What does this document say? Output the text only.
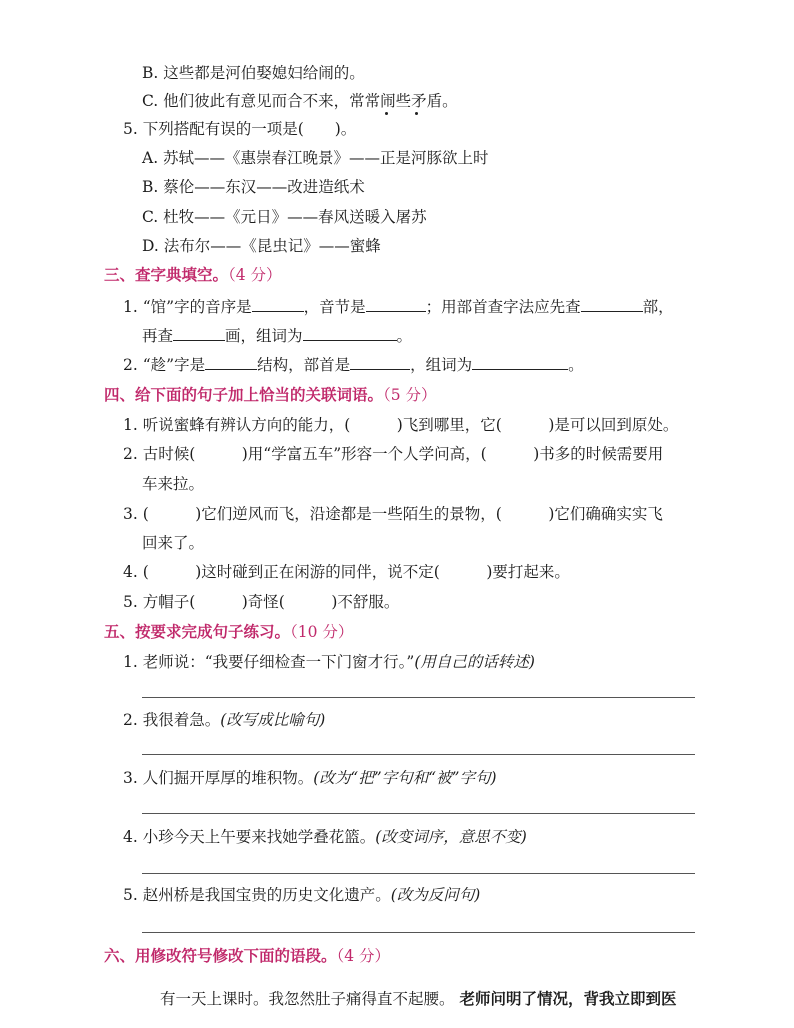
B. 这些都是河伯娶媳妇给闹的。
C. 他们彼此有意见而合不来，常常闹些矛盾。
5. 下列搭配有误的一项是(　　)。
A. 苏轼——《惠崇春江晚景》——正是河豚欲上时
B. 蔡伦——东汉——改进造纸术
C. 杜牧——《元日》——春风送暖入屠苏
D. 法布尔——《昆虫记》——蜜蜂
三、查字典填空。（4 分）
1. “馆”字的音序是	，音节是	；用部首查字法应先查	部，
再查	画，组词为	。
2. “趁”字是	结构，部首是	，组词为	。
四、给下面的句子加上恰当的关联词语。（5 分）
1. 听说蜜蜂有辨认方向的能力，(　　　)飞到哪里，它(　　　)是可以回到原处。
2. 古时候(　　　)用“学富五车”形容一个人学问高，(　　　)书多的时候需要用
车来拉。
3. (　　　)它们逆风而飞，沿途都是一些陌生的景物，(　　　)它们确确实实飞
回来了。
4. (　　　)这时碰到正在闲游的同伴，说不定(　　　)要打起来。
5. 方帽子(　　　)奇怪(　　　)不舒服。
五、按要求完成句子练习。（10 分）
1. 老师说：“我要仔细检查一下门窗才行。”(用自己的话转述)
2. 我很着急。(改写成比喻句)
3. 人们掘开厚厚的堆积物。(改为“把”字句和“被”字句)
4. 小珍今天上午要来找她学叠花篮。(改变词序，意思不变)
5. 赵州桥是我国宝贵的历史文化遗产。(改为反问句)
六、用修改符号修改下面的语段。（4 分）
有一天上课时。我忽然肚子痛得直不起腰。 老师问明了情况，背我立即到医
